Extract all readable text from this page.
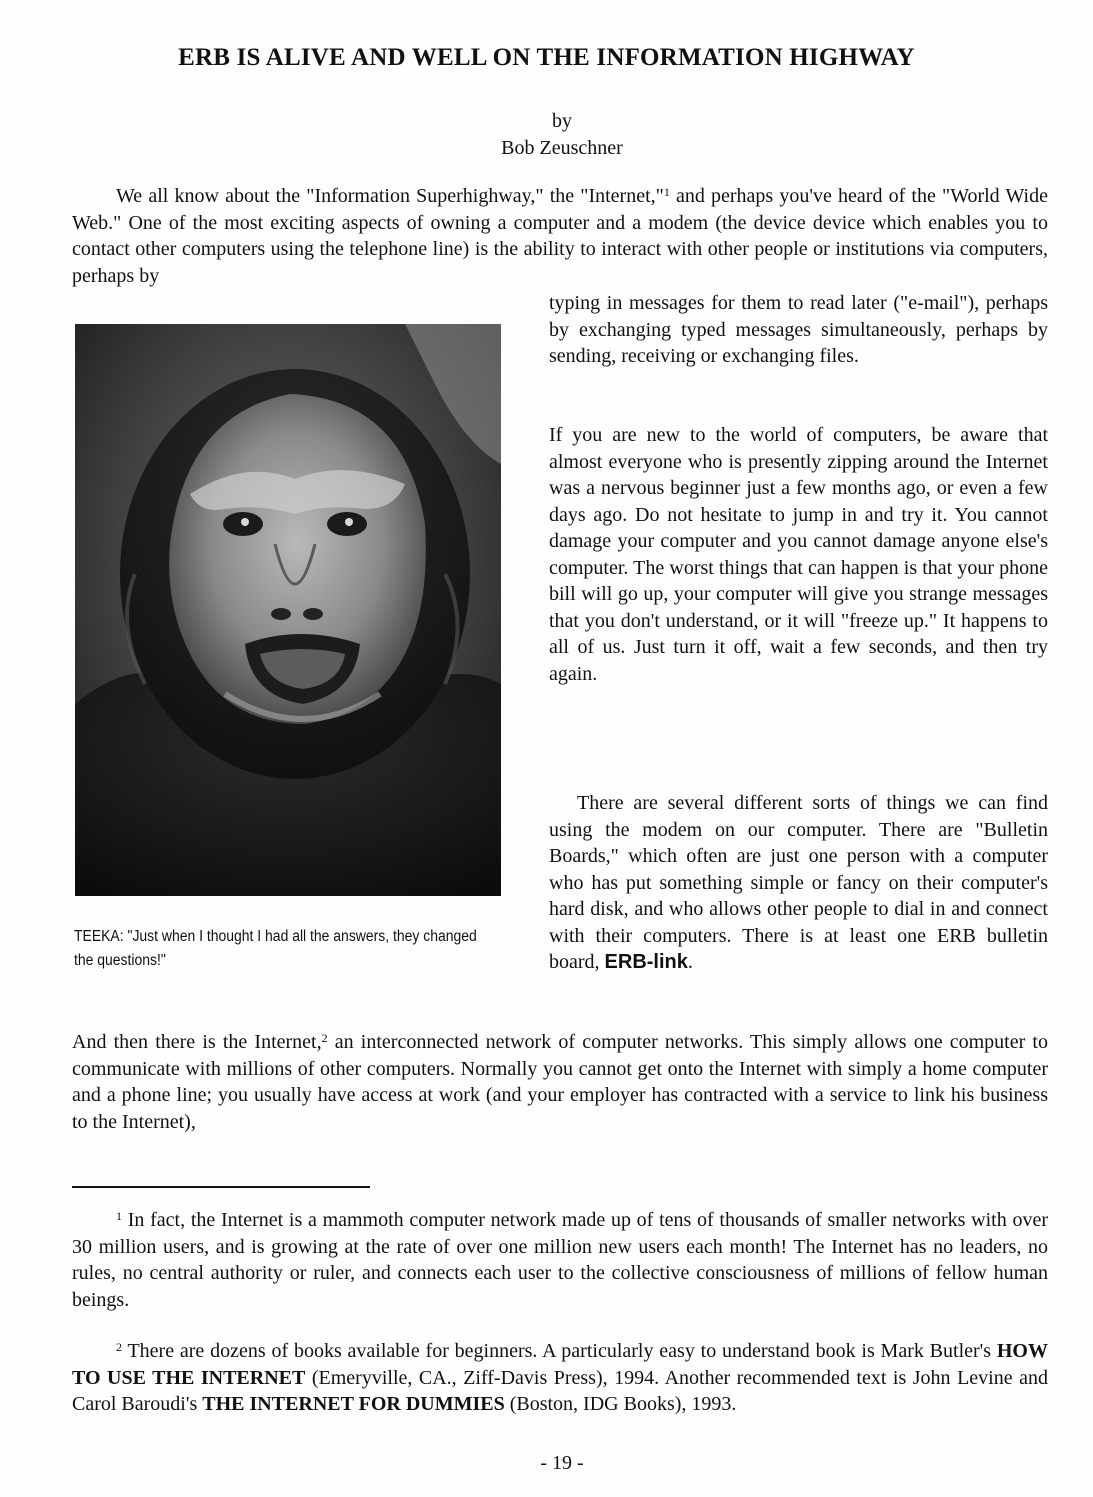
ERB IS ALIVE AND WELL ON THE INFORMATION HIGHWAY
by
Bob Zeuschner

We all know about the "Information Superhighway," the "Internet,"$^1$ and perhaps you've heard of the "World Wide Web." One of the most exciting aspects of owning a computer and a modem (the device device which enables you to contact other computers using the telephone line) is the ability to interact with other people or institutions via computers, perhaps by

TEEKA: "Just when I thought I had all the answers, they changed the questions!"

typing in messages for them to read later ("e-mail"), perhaps by exchanging typed messages simultaneously, perhaps by sending, receiving or exchanging files.

If you are new to the world of computers, be aware that almost everyone who is presently zipping around the Internet was a nervous beginner just a few months ago, or even a few days ago. Do not hesitate to jump in and try it. You cannot damage your computer and you cannot damage anyone else's computer. The worst things that can happen is that your phone bill will go up, your computer will give you strange messages that you don't understand, or it will "freeze up." It happens to all of us. Just turn it off, wait a few seconds, and then try again.

There are several different sorts of things we can find using the modem on our computer. There are "Bulletin Boards," which often are just one person with a computer who has put something simple or fancy on their computer's hard disk, and who allows other people to dial in and connect with their computers. There is at least one ERB bulletin board, ERB-link.

And then there is the Internet,$^2$ an interconnected network of computer networks. This simply allows one computer to communicate with millions of other computers. Normally you cannot get onto the Internet with simply a home computer and a phone line; you usually have access at work (and your employer has contracted with a service to link his business to the Internet),

$^1$ In fact, the Internet is a mammoth computer network made up of tens of thousands of smaller networks with over 30 million users, and is growing at the rate of over one million new users each month! The Internet has no leaders, no rules, no central authority or ruler, and connects each user to the collective consciousness of millions of fellow human beings.

$^2$ There are dozens of books available for beginners. A particularly easy to understand book is Mark Butler's HOW TO USE THE INTERNET (Emeryville, CA., Ziff-Davis Press), 1994. Another recommended text is John Levine and Carol Baroudi's THE INTERNET FOR DUMMIES (Boston, IDG Books), 1993.

- 19 -
